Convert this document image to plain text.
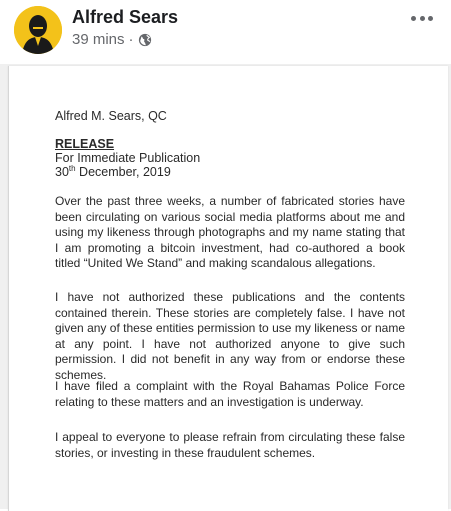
Alfred Sears
39 mins ·

Alfred M. Sears, QC

RELEASE

For Immediate Publication

30th December, 2019

Over the past three weeks, a number of fabricated stories have been circulating on various social media platforms about me and using my likeness through photographs and my name stating that I am promoting a bitcoin investment, had co-authored a book titled “United We Stand” and making scandalous allegations.

I have not authorized these publications and the contents contained therein. These stories are completely false. I have not given any of these entities permission to use my likeness or name at any point. I have not authorized anyone to give such permission. I did not benefit in any way from or endorse these schemes.

I have filed a complaint with the Royal Bahamas Police Force relating to these matters and an investigation is underway.

I appeal to everyone to please refrain from circulating these false stories, or investing in these fraudulent schemes.
